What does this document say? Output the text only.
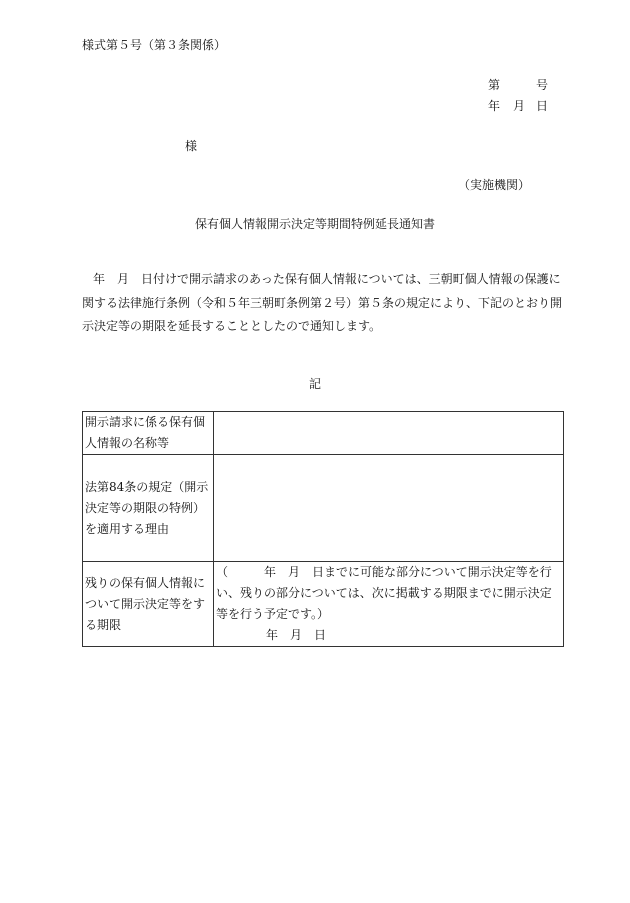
様式第５号（第３条関係）
第	号
年 月 日
様
（実施機関）
保有個人情報開示決定等期間特例延長通知書
年　月　日付けで開示請求のあった保有個人情報については、三朝町個人情報の保護に関する法律施行条例（令和５年三朝町条例第２号）第５条の規定により、下記のとおり開示決定等の期限を延長することとしたので通知します。
記
開示請求に係る保有個人情報の名称等	
法第84条の規定（開示決定等の期限の特例）を適用する理由	
残りの保有個人情報について開示決定等をする期限	（　　　年　月　日までに可能な部分について開示決定等を行い、残りの部分については、次に掲載する期限までに開示決定等を行う予定です。）
年　月　日
